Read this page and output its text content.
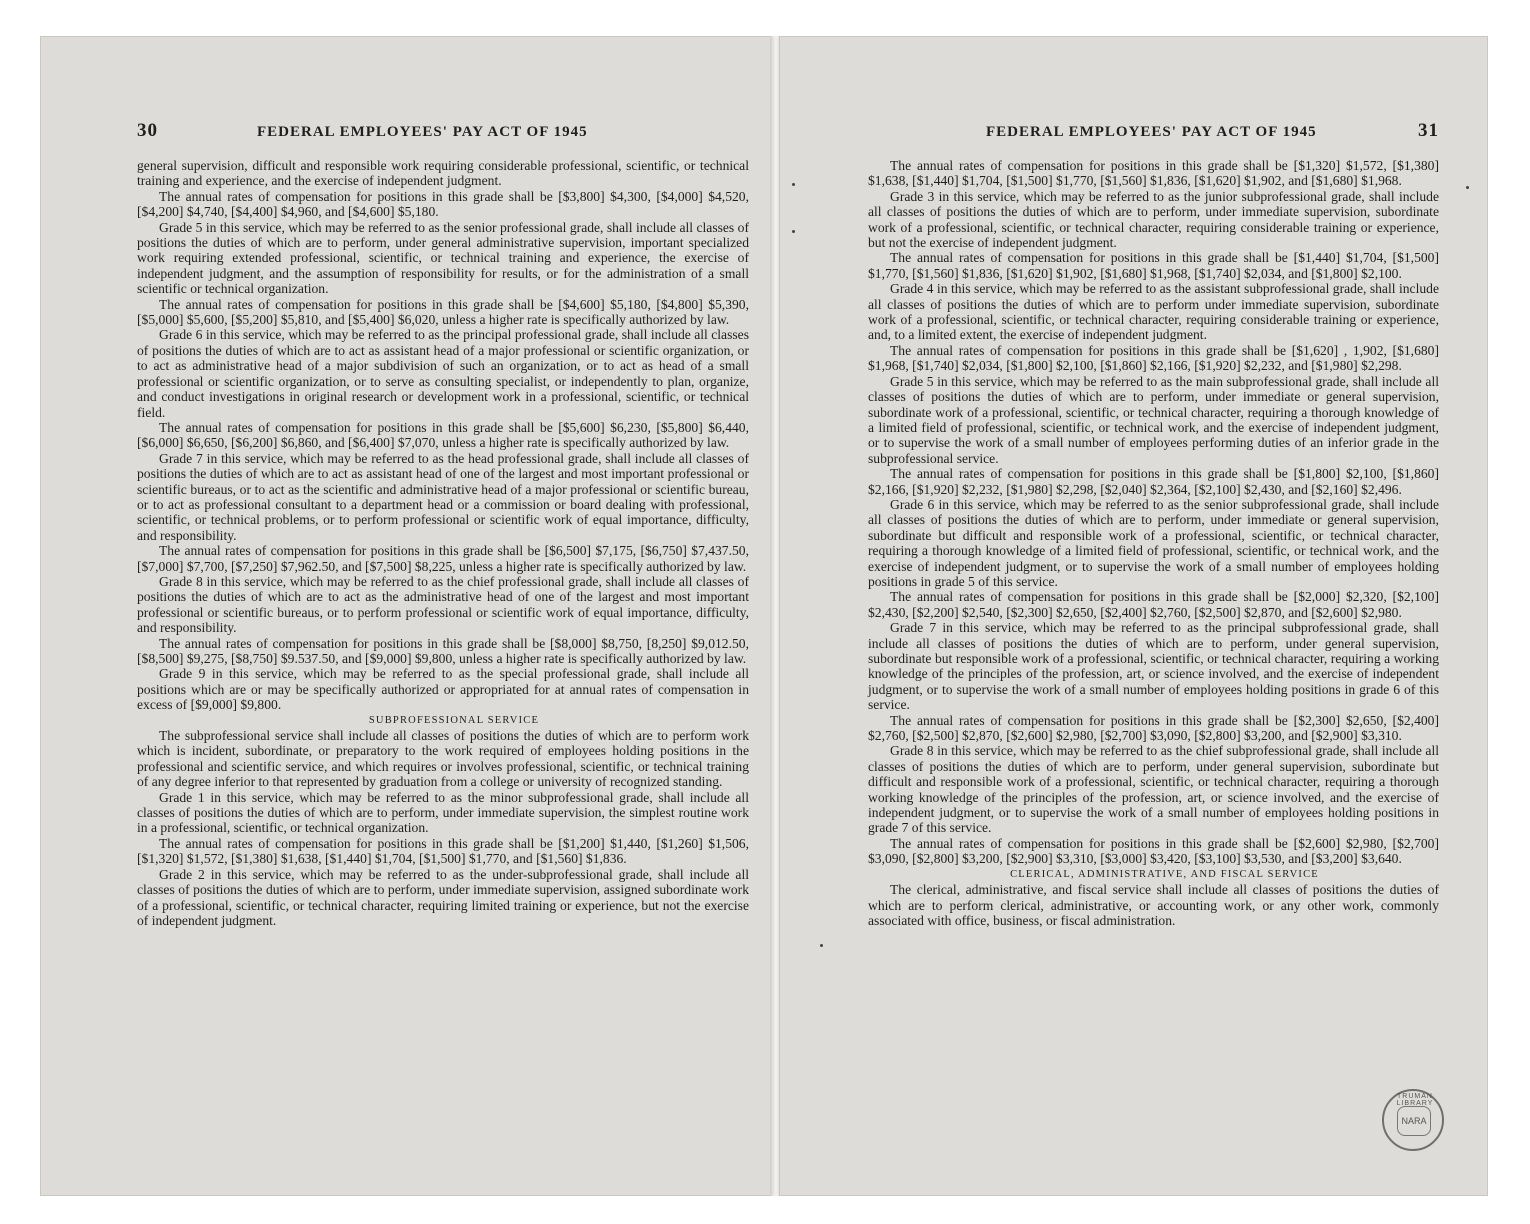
30	FEDERAL EMPLOYEES' PAY ACT OF 1945

general supervision, difficult and responsible work requiring considerable professional, scientific, or technical training and experience, and the exercise of independent judgment.

The annual rates of compensation for positions in this grade shall be [$3,800] $4,300, [$4,000] $4,520, [$4,200] $4,740, [$4,400] $4,960, and [$4,600] $5,180.

Grade 5 in this service, which may be referred to as the senior professional grade, shall include all classes of positions the duties of which are to perform, under general administrative supervision, important specialized work requiring extended professional, scientific, or technical training and experience, the exercise of independent judgment, and the assumption of responsibility for results, or for the administration of a small scientific or technical organization.

The annual rates of compensation for positions in this grade shall be [$4,600] $5,180, [$4,800] $5,390, [$5,000] $5,600, [$5,200] $5,810, and [$5,400] $6,020, unless a higher rate is specifically authorized by law.

Grade 6 in this service, which may be referred to as the principal professional grade, shall include all classes of positions the duties of which are to act as assistant head of a major professional or scientific organization, or to act as administrative head of a major subdivision of such an organization, or to act as head of a small professional or scientific organization, or to serve as consulting specialist, or independently to plan, organize, and conduct investigations in original research or development work in a professional, scientific, or technical field.

The annual rates of compensation for positions in this grade shall be [$5,600] $6,230, [$5,800] $6,440, [$6,000] $6,650, [$6,200] $6,860, and [$6,400] $7,070, unless a higher rate is specifically authorized by law.

Grade 7 in this service, which may be referred to as the head professional grade, shall include all classes of positions the duties of which are to act as assistant head of one of the largest and most important professional or scientific bureaus, or to act as the scientific and administrative head of a major professional or scientific bureau, or to act as professional consultant to a department head or a commission or board dealing with professional, scientific, or technical problems, or to perform professional or scientific work of equal importance, difficulty, and responsibility.

The annual rates of compensation for positions in this grade shall be [$6,500] $7,175, [$6,750] $7,437.50, [$7,000] $7,700, [$7,250] $7,962.50, and [$7,500] $8,225, unless a higher rate is specifically authorized by law.

Grade 8 in this service, which may be referred to as the chief professional grade, shall include all classes of positions the duties of which are to act as the administrative head of one of the largest and most important professional or scientific bureaus, or to perform professional or scientific work of equal importance, difficulty, and responsibility.

The annual rates of compensation for positions in this grade shall be [$8,000] $8,750, [8,250] $9,012.50, [$8,500] $9,275, [$8,750] $9.537.50, and [$9,000] $9,800, unless a higher rate is specifically authorized by law.

Grade 9 in this service, which may be referred to as the special professional grade, shall include all positions which are or may be specifically authorized or appropriated for at annual rates of compensation in excess of [$9,000] $9,800.

SUBPROFESSIONAL SERVICE

The subprofessional service shall include all classes of positions the duties of which are to perform work which is incident, subordinate, or preparatory to the work required of employees holding positions in the professional and scientific service, and which requires or involves professional, scientific, or technical training of any degree inferior to that represented by graduation from a college or university of recognized standing.

Grade 1 in this service, which may be referred to as the minor subprofessional grade, shall include all classes of positions the duties of which are to perform, under immediate supervision, the simplest routine work in a professional, scientific, or technical organization.

The annual rates of compensation for positions in this grade shall be [$1,200] $1,440, [$1,260] $1,506, [$1,320] $1,572, [$1,380] $1,638, [$1,440] $1,704, [$1,500] $1,770, and [$1,560] $1,836.

Grade 2 in this service, which may be referred to as the under-subprofessional grade, shall include all classes of positions the duties of which are to perform, under immediate supervision, assigned subordinate work of a professional, scientific, or technical character, requiring limited training or experience, but not the exercise of independent judgment.

FEDERAL EMPLOYEES' PAY ACT OF 1945	31

The annual rates of compensation for positions in this grade shall be [$1,320] $1,572, [$1,380] $1,638, [$1,440] $1,704, [$1,500] $1,770, [$1,560] $1,836, [$1,620] $1,902, and [$1,680] $1,968.

Grade 3 in this service, which may be referred to as the junior subprofessional grade, shall include all classes of positions the duties of which are to perform, under immediate supervision, subordinate work of a professional, scientific, or technical character, requiring considerable training or experience, but not the exercise of independent judgment.

The annual rates of compensation for positions in this grade shall be [$1,440] $1,704, [$1,500] $1,770, [$1,560] $1,836, [$1,620] $1,902, [$1,680] $1,968, [$1,740] $2,034, and [$1,800] $2,100.

Grade 4 in this service, which may be referred to as the assistant subprofessional grade, shall include all classes of positions the duties of which are to perform under immediate supervision, subordinate work of a professional, scientific, or technical character, requiring considerable training or experience, and, to a limited extent, the exercise of independent judgment.

The annual rates of compensation for positions in this grade shall be [$1,620] , 1,902, [$1,680] $1,968, [$1,740] $2,034, [$1,800] $2,100, [$1,860] $2,166, [$1,920] $2,232, and [$1,980] $2,298.

Grade 5 in this service, which may be referred to as the main subprofessional grade, shall include all classes of positions the duties of which are to perform, under immediate or general supervision, subordinate work of a professional, scientific, or technical character, requiring a thorough knowledge of a limited field of professional, scientific, or technical work, and the exercise of independent judgment, or to supervise the work of a small number of employees performing duties of an inferior grade in the subprofessional service.

The annual rates of compensation for positions in this grade shall be [$1,800] $2,100, [$1,860] $2,166, [$1,920] $2,232, [$1,980] $2,298, [$2,040] $2,364, [$2,100] $2,430, and [$2,160] $2,496.

Grade 6 in this service, which may be referred to as the senior subprofessional grade, shall include all classes of positions the duties of which are to perform, under immediate or general supervision, subordinate but difficult and responsible work of a professional, scientific, or technical character, requiring a thorough knowledge of a limited field of professional, scientific, or technical work, and the exercise of independent judgment, or to supervise the work of a small number of employees holding positions in grade 5 of this service.

The annual rates of compensation for positions in this grade shall be [$2,000] $2,320, [$2,100] $2,430, [$2,200] $2,540, [$2,300] $2,650, [$2,400] $2,760, [$2,500] $2,870, and [$2,600] $2,980.

Grade 7 in this service, which may be referred to as the principal subprofessional grade, shall include all classes of positions the duties of which are to perform, under general supervision, subordinate but responsible work of a professional, scientific, or technical character, requiring a working knowledge of the principles of the profession, art, or science involved, and the exercise of independent judgment, or to supervise the work of a small number of employees holding positions in grade 6 of this service.

The annual rates of compensation for positions in this grade shall be [$2,300] $2,650, [$2,400] $2,760, [$2,500] $2,870, [$2,600] $2,980, [$2,700] $3,090, [$2,800] $3,200, and [$2,900] $3,310.

Grade 8 in this service, which may be referred to as the chief subprofessional grade, shall include all classes of positions the duties of which are to perform, under general supervision, subordinate but difficult and responsible work of a professional, scientific, or technical character, requiring a thorough working knowledge of the principles of the profession, art, or science involved, and the exercise of independent judgment, or to supervise the work of a small number of employees holding positions in grade 7 of this service.

The annual rates of compensation for positions in this grade shall be [$2,600] $2,980, [$2,700] $3,090, [$2,800] $3,200, [$2,900] $3,310, [$3,000] $3,420, [$3,100] $3,530, and [$3,200] $3,640.

CLERICAL, ADMINISTRATIVE, AND FISCAL SERVICE

The clerical, administrative, and fiscal service shall include all classes of positions the duties of which are to perform clerical, administrative, or accounting work, or any other work, commonly associated with office, business, or fiscal administration.

TRUMAN LIBRARY
NARA
